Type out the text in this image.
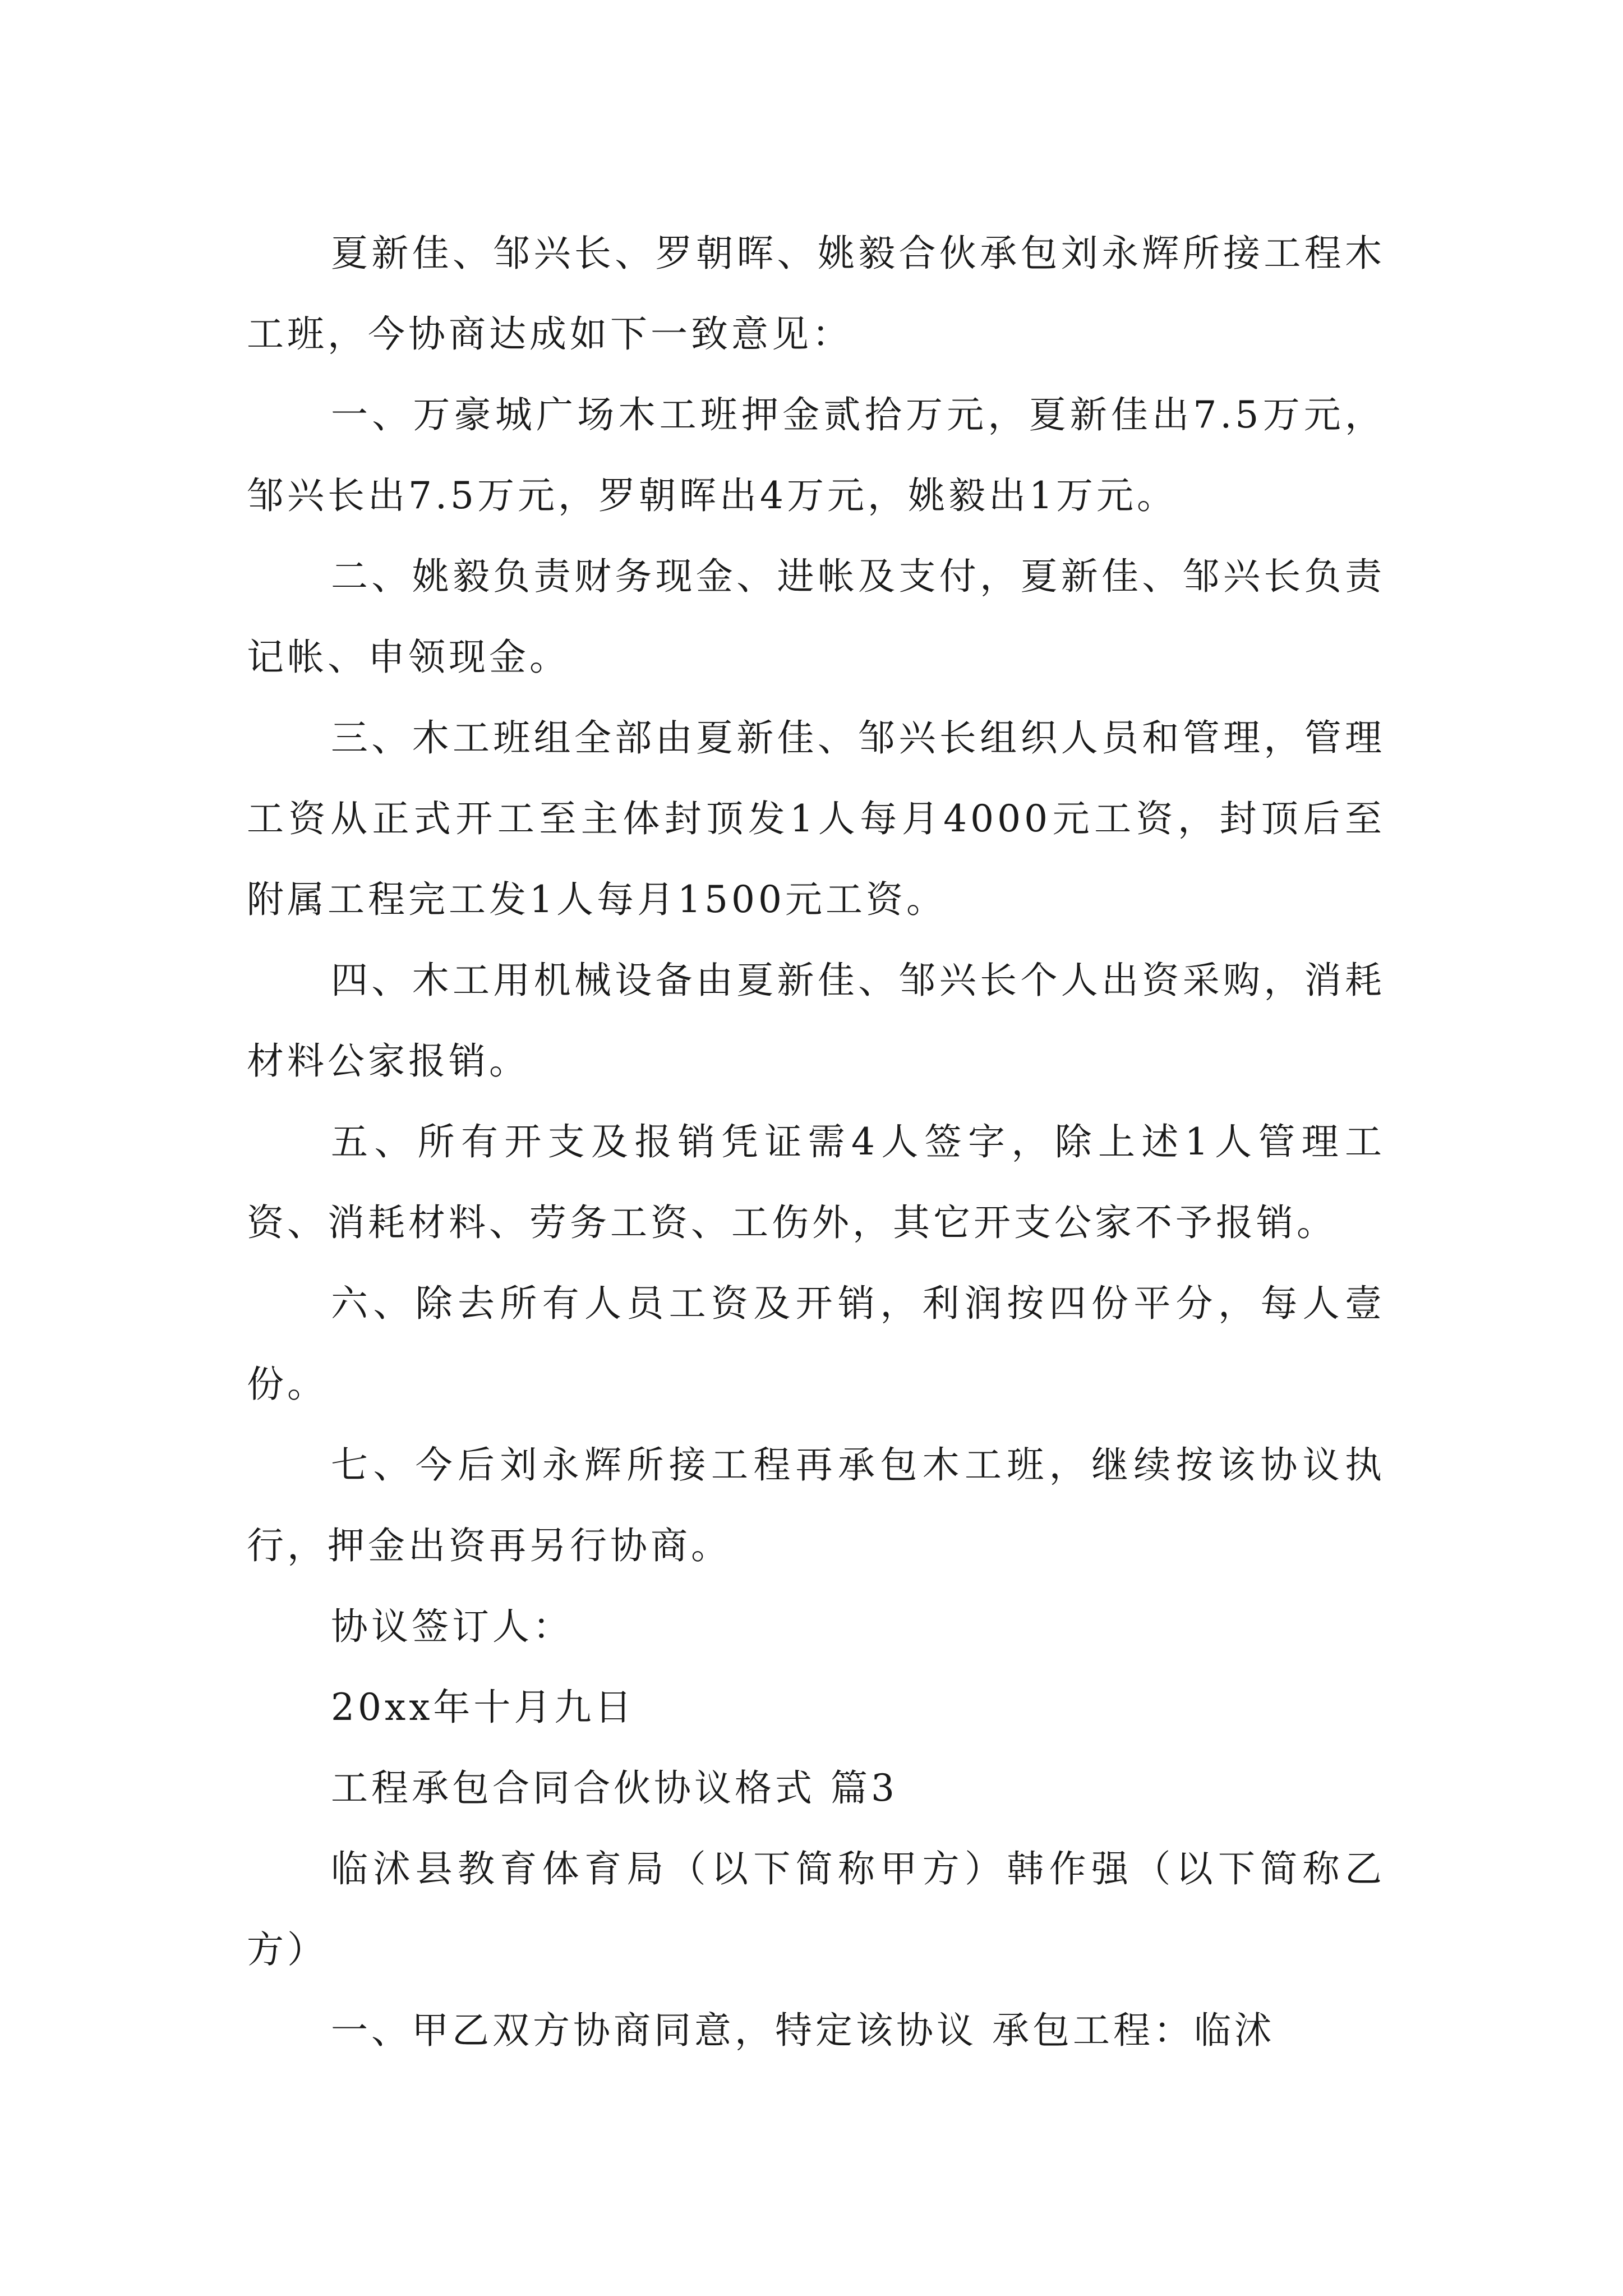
夏新佳、邹兴长、罗朝晖、姚毅合伙承包刘永辉所接工程木工班，今协商达成如下一致意见：

一、万豪城广场木工班押金贰拾万元，夏新佳出7.5万元，邹兴长出7.5万元，罗朝晖出4万元，姚毅出1万元。

二、姚毅负责财务现金、进帐及支付，夏新佳、邹兴长负责记帐、申领现金。

三、木工班组全部由夏新佳、邹兴长组织人员和管理，管理工资从正式开工至主体封顶发1人每月4000元工资，封顶后至附属工程完工发1人每月1500元工资。

四、木工用机械设备由夏新佳、邹兴长个人出资采购，消耗材料公家报销。

五、所有开支及报销凭证需4人签字，除上述1人管理工资、消耗材料、劳务工资、工伤外，其它开支公家不予报销。

六、除去所有人员工资及开销，利润按四份平分，每人壹份。

七、今后刘永辉所接工程再承包木工班，继续按该协议执行，押金出资再另行协商。

协议签订人：

20xx年十月九日

工程承包合同合伙协议格式 篇3

临沭县教育体育局（以下简称甲方）韩作强（以下简称乙方）

一、甲乙双方协商同意，特定该协议 承包工程：临沭
